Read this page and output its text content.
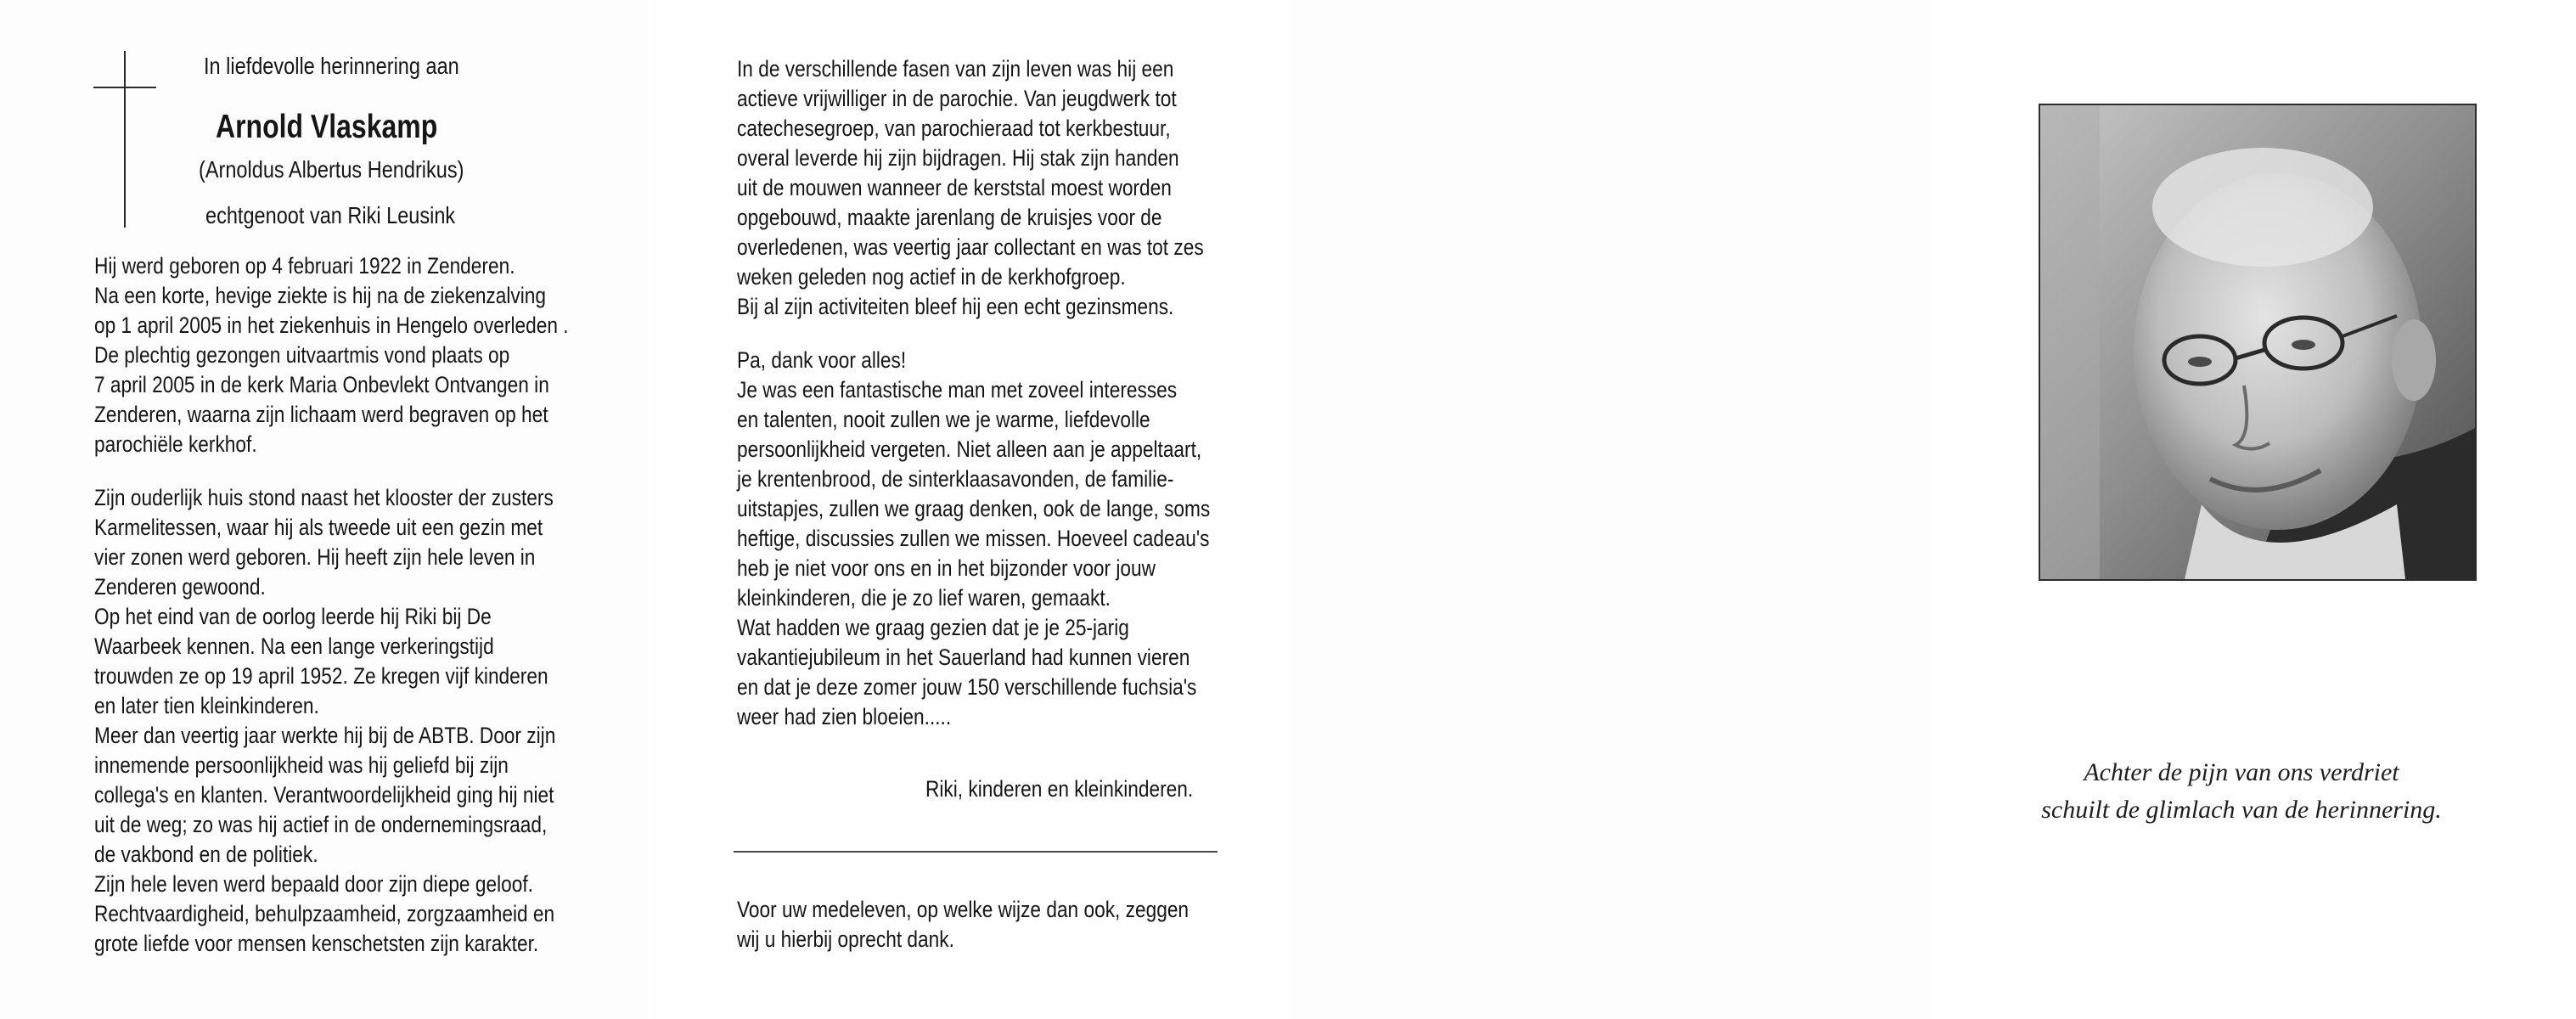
In liefdevolle herinnering aan
Arnold Vlaskamp
(Arnoldus Albertus Hendrikus)
echtgenoot van Riki Leusink
Hij werd geboren op 4 februari 1922 in Zenderen.
Na een korte, hevige ziekte is hij na de ziekenzalving
op 1 april 2005 in het ziekenhuis in Hengelo overleden .
De plechtig gezongen uitvaartmis vond plaats op
7 april 2005 in de kerk Maria Onbevlekt Ontvangen in
Zenderen, waarna zijn lichaam werd begraven op het
parochiële kerkhof.
Zijn ouderlijk huis stond naast het klooster der zusters
Karmelitessen, waar hij als tweede uit een gezin met
vier zonen werd geboren. Hij heeft zijn hele leven in
Zenderen gewoond.
Op het eind van de oorlog leerde hij Riki bij De
Waarbeek kennen. Na een lange verkeringstijd
trouwden ze op 19 april 1952. Ze kregen vijf kinderen
en later tien kleinkinderen.
Meer dan veertig jaar werkte hij bij de ABTB. Door zijn
innemende persoonlijkheid was hij geliefd bij zijn
collega's en klanten. Verantwoordelijkheid ging hij niet
uit de weg; zo was hij actief in de ondernemingsraad,
de vakbond en de politiek.
Zijn hele leven werd bepaald door zijn diepe geloof.
Rechtvaardigheid, behulpzaamheid, zorgzaamheid en
grote liefde voor mensen kenschetsten zijn karakter.
In de verschillende fasen van zijn leven was hij een
actieve vrijwilliger in de parochie. Van jeugdwerk tot
catechesegroep, van parochieraad tot kerkbestuur,
overal leverde hij zijn bijdragen. Hij stak zijn handen
uit de mouwen wanneer de kerststal moest worden
opgebouwd, maakte jarenlang de kruisjes voor de
overledenen, was veertig jaar collectant en was tot zes
weken geleden nog actief in de kerkhofgroep.
Bij al zijn activiteiten bleef hij een echt gezinsmens.
Pa, dank voor alles!
Je was een fantastische man met zoveel interesses
en talenten, nooit zullen we je warme, liefdevolle
persoonlijkheid vergeten. Niet alleen aan je appeltaart,
je krentenbrood, de sinterklaasavonden, de familie-
uitstapjes, zullen we graag denken, ook de lange, soms
heftige, discussies zullen we missen. Hoeveel cadeau's
heb je niet voor ons en in het bijzonder voor jouw
kleinkinderen, die je zo lief waren, gemaakt.
Wat hadden we graag gezien dat je je 25-jarig
vakantiejubileum in het Sauerland had kunnen vieren
en dat je deze zomer jouw 150 verschillende fuchsia's
weer had zien bloeien.....
Riki, kinderen en kleinkinderen.
Voor uw medeleven, op welke wijze dan ook, zeggen
wij u hierbij oprecht dank.
Achter de pijn van ons verdriet
schuilt de glimlach van de herinnering.
